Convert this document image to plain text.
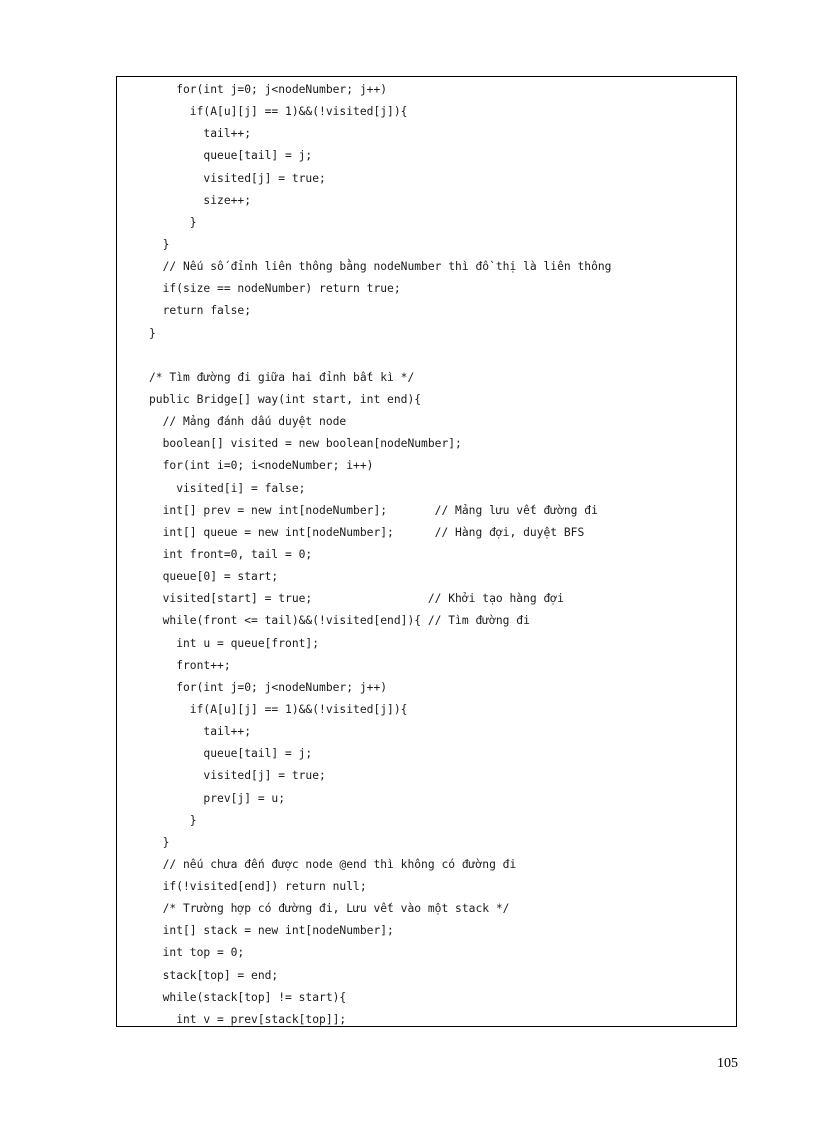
for(int j=0; j<nodeNumber; j++)
if(A[u][j] == 1)&&(!visited[j]){
tail++;
queue[tail] = j;
visited[j] = true;
size++;
}
}
// Nếu số đỉnh liên thông bằng nodeNumber thì đồ thị là liên thông
if(size == nodeNumber) return true;
return false;
}
/* Tìm đường đi giữa hai đỉnh bất kì */
public Bridge[] way(int start, int end){
// Mảng đánh dấu duyệt node
boolean[] visited = new boolean[nodeNumber];
for(int i=0; i<nodeNumber; i++)
visited[i] = false;
int[] prev = new int[nodeNumber];       // Mảng lưu vết đường đi
int[] queue = new int[nodeNumber];      // Hàng đợi, duyệt BFS
int front=0, tail = 0;
queue[0] = start;
visited[start] = true;                 // Khởi tạo hàng đợi
while(front <= tail)&&(!visited[end]){ // Tìm đường đi
int u = queue[front];
front++;
for(int j=0; j<nodeNumber; j++)
if(A[u][j] == 1)&&(!visited[j]){
tail++;
queue[tail] = j;
visited[j] = true;
prev[j] = u;
}
}
// nếu chưa đến được node @end thì không có đường đi
if(!visited[end]) return null;
/* Trường hợp có đường đi, Lưu vết vào một stack */
int[] stack = new int[nodeNumber];
int top = 0;
stack[top] = end;
while(stack[top] != start){
int v = prev[stack[top]];
105
